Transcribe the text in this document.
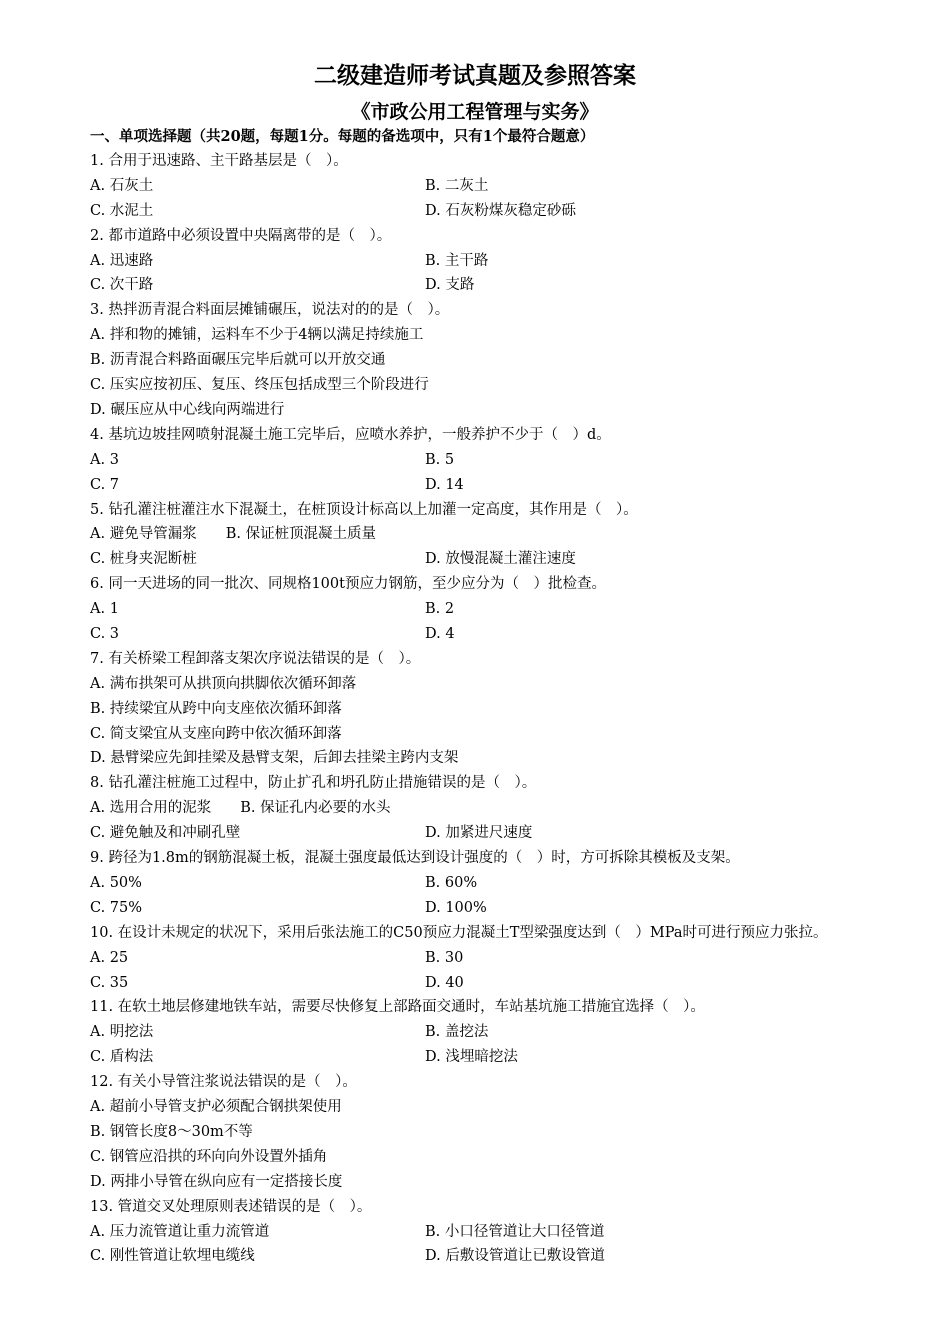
二级建造师考试真题及参照答案
《市政公用工程管理与实务》
一、单项选择题（共20题，每题1分。每题的备选项中，只有1个最符合题意）
1. 合用于迅速路、主干路基层是（　）。
A. 石灰土	B. 二灰土
C. 水泥土	D. 石灰粉煤灰稳定砂砾
2. 都市道路中必须设置中央隔离带的是（　）。
A. 迅速路	B. 主干路
C. 次干路	D. 支路
3. 热拌沥青混合料面层摊铺碾压，说法对的的是（　）。
A. 拌和物的摊铺，运料车不少于4辆以满足持续施工
B. 沥青混合料路面碾压完毕后就可以开放交通
C. 压实应按初压、复压、终压包括成型三个阶段进行
D. 碾压应从中心线向两端进行
4. 基坑边坡挂网喷射混凝土施工完毕后，应喷水养护，一般养护不少于（　）d。
A. 3	B. 5
C. 7	D. 14
5. 钻孔灌注桩灌注水下混凝土，在桩顶设计标高以上加灌一定高度，其作用是（　）。
A. 避免导管漏浆　　B. 保证桩顶混凝土质量
C. 桩身夹泥断桩	D. 放慢混凝土灌注速度
6. 同一天进场的同一批次、同规格100t预应力钢筋，至少应分为（　）批检查。
A. 1	B. 2
C. 3	D. 4
7. 有关桥梁工程卸落支架次序说法错误的是（　）。
A. 满布拱架可从拱顶向拱脚依次循环卸落
B. 持续梁宜从跨中向支座依次循环卸落
C. 简支梁宜从支座向跨中依次循环卸落
D. 悬臂梁应先卸挂梁及悬臂支架，后卸去挂梁主跨内支架
8. 钻孔灌注桩施工过程中，防止扩孔和坍孔防止措施错误的是（　）。
A. 选用合用的泥浆　　B. 保证孔内必要的水头
C. 避免触及和冲刷孔壁	D. 加紧进尺速度
9. 跨径为1.8m的钢筋混凝土板，混凝土强度最低达到设计强度的（　）时，方可拆除其模板及支架。
A. 50%	B. 60%
C. 75%	D. 100%
10. 在设计未规定的状况下，采用后张法施工的C50预应力混凝土T型梁强度达到（　）MPa时可进行预应力张拉。
A. 25	B. 30
C. 35	D. 40
11. 在软土地层修建地铁车站，需要尽快修复上部路面交通时，车站基坑施工措施宜选择（　）。
A. 明挖法	B. 盖挖法
C. 盾构法	D. 浅埋暗挖法
12. 有关小导管注浆说法错误的是（　）。
A. 超前小导管支护必须配合钢拱架使用
B. 钢管长度8～30m不等
C. 钢管应沿拱的环向向外设置外插角
D. 两排小导管在纵向应有一定搭接长度
13. 管道交叉处理原则表述错误的是（　）。
A. 压力流管道让重力流管道	B. 小口径管道让大口径管道
C. 刚性管道让软埋电缆线	D. 后敷设管道让已敷设管道
